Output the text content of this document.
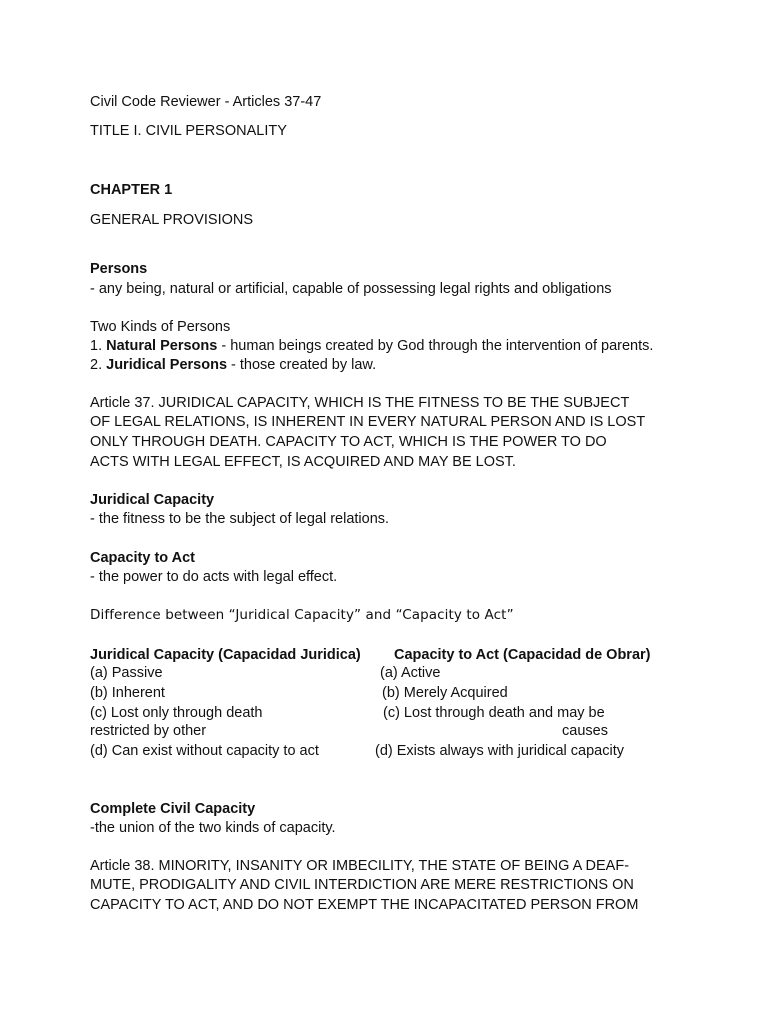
Civil Code Reviewer - Articles 37-47
TITLE I. CIVIL PERSONALITY
CHAPTER 1
GENERAL PROVISIONS
Persons
- any being, natural or artificial, capable of possessing legal rights and obligations
Two Kinds of Persons
1. Natural Persons - human beings created by God through the intervention of parents.
2. Juridical Persons - those created by law.
Article 37. JURIDICAL CAPACITY, WHICH IS THE FITNESS TO BE THE SUBJECT
OF LEGAL RELATIONS, IS INHERENT IN EVERY NATURAL PERSON AND IS LOST
ONLY THROUGH DEATH. CAPACITY TO ACT, WHICH IS THE POWER TO DO
ACTS WITH LEGAL EFFECT, IS ACQUIRED AND MAY BE LOST.
Juridical Capacity
- the fitness to be the subject of legal relations.
Capacity to Act
- the power to do acts with legal effect.
Difference between “Juridical Capacity” and “Capacity to Act”
Juridical Capacity (Capacidad Juridica) Capacity to Act (Capacidad de Obrar)
(a) Passive	(a) Active
(b) Inherent	(b) Merely Acquired
(c) Lost only through death	(c) Lost through death and may be
restricted by other	causes
(d) Can exist without capacity to act	(d) Exists always with juridical capacity
Complete Civil Capacity
-the union of the two kinds of capacity.
Article 38. MINORITY, INSANITY OR IMBECILITY, THE STATE OF BEING A DEAF-
MUTE, PRODIGALITY AND CIVIL INTERDICTION ARE MERE RESTRICTIONS ON
CAPACITY TO ACT, AND DO NOT EXEMPT THE INCAPACITATED PERSON FROM
